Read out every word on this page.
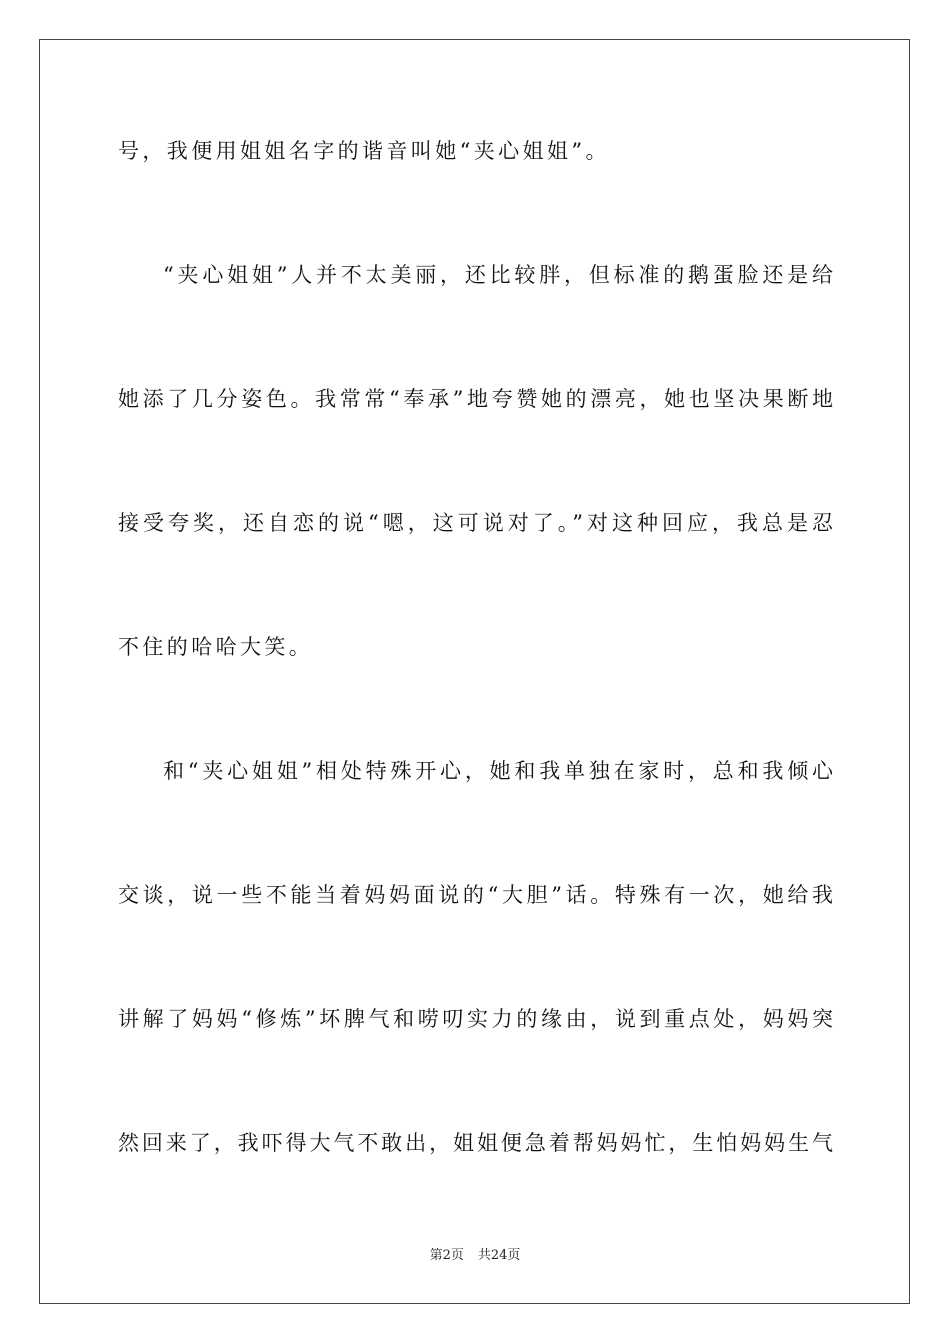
号，我便用姐姐名字的谐音叫她“夹心姐姐”。
“夹心姐姐”人并不太美丽，还比较胖，但标准的鹅蛋脸还是给
她添了几分姿色。我常常“奉承”地夸赞她的漂亮，她也坚决果断地
接受夸奖，还自恋的说“嗯，这可说对了。”对这种回应，我总是忍
不住的哈哈大笑。
和“夹心姐姐”相处特殊开心，她和我单独在家时，总和我倾心
交谈，说一些不能当着妈妈面说的“大胆”话。特殊有一次，她给我
讲解了妈妈“修炼”坏脾气和唠叨实力的缘由，说到重点处，妈妈突
然回来了，我吓得大气不敢出，姐姐便急着帮妈妈忙，生怕妈妈生气
第2页 共24页
